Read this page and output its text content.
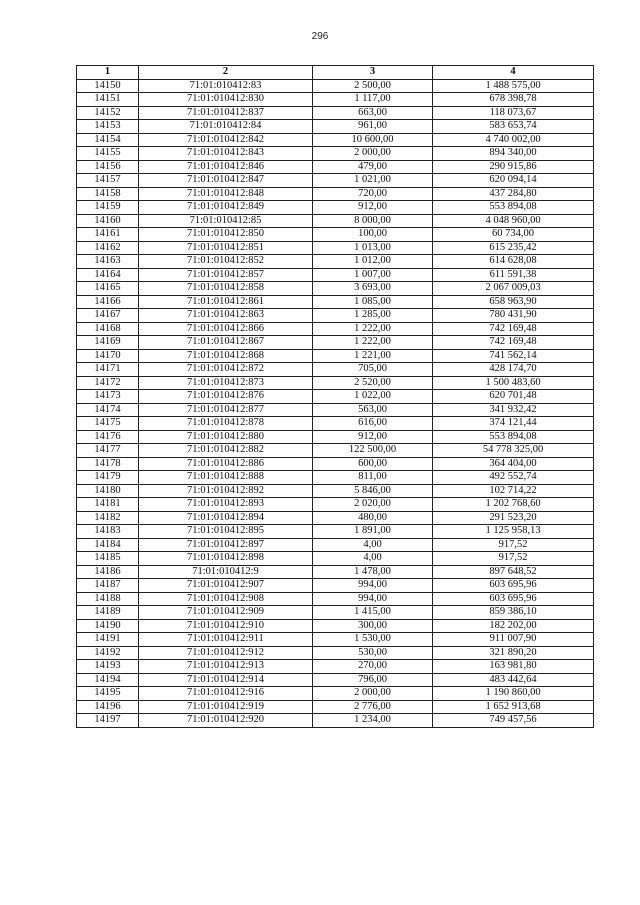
296
1	2	3	4
14150	71:01:010412:83	2 500,00	1 488 575,00
14151	71:01:010412:830	1 117,00	678 398,78
14152	71:01:010412:837	663,00	118 073,67
14153	71:01:010412:84	961,00	583 653,74
14154	71:01:010412:842	10 600,00	4 740 002,00
14155	71:01:010412:843	2 000,00	894 340,00
14156	71:01:010412:846	479,00	290 915,86
14157	71:01:010412:847	1 021,00	620 094,14
14158	71:01:010412:848	720,00	437 284,80
14159	71:01:010412:849	912,00	553 894,08
14160	71:01:010412:85	8 000,00	4 048 960,00
14161	71:01:010412:850	100,00	60 734,00
14162	71:01:010412:851	1 013,00	615 235,42
14163	71:01:010412:852	1 012,00	614 628,08
14164	71:01:010412:857	1 007,00	611 591,38
14165	71:01:010412:858	3 693,00	2 067 009,03
14166	71:01:010412:861	1 085,00	658 963,90
14167	71:01:010412:863	1 285,00	780 431,90
14168	71:01:010412:866	1 222,00	742 169,48
14169	71:01:010412:867	1 222,00	742 169,48
14170	71:01:010412:868	1 221,00	741 562,14
14171	71:01:010412:872	705,00	428 174,70
14172	71:01:010412:873	2 520,00	1 500 483,60
14173	71:01:010412:876	1 022,00	620 701,48
14174	71:01:010412:877	563,00	341 932,42
14175	71:01:010412:878	616,00	374 121,44
14176	71:01:010412:880	912,00	553 894,08
14177	71:01:010412:882	122 500,00	54 778 325,00
14178	71:01:010412:886	600,00	364 404,00
14179	71:01:010412:888	811,00	492 552,74
14180	71:01:010412:892	5 846,00	102 714,22
14181	71:01:010412:893	2 020,00	1 202 768,60
14182	71:01:010412:894	480,00	291 523,20
14183	71:01:010412:895	1 891,00	1 125 958,13
14184	71:01:010412:897	4,00	917,52
14185	71:01:010412:898	4,00	917,52
14186	71:01:010412:9	1 478,00	897 648,52
14187	71:01:010412:907	994,00	603 695,96
14188	71:01:010412:908	994,00	603 695,96
14189	71:01:010412:909	1 415,00	859 386,10
14190	71:01:010412:910	300,00	182 202,00
14191	71:01:010412:911	1 530,00	911 007,90
14192	71:01:010412:912	530,00	321 890,20
14193	71:01:010412:913	270,00	163 981,80
14194	71:01:010412:914	796,00	483 442,64
14195	71:01:010412:916	2 000,00	1 190 860,00
14196	71:01:010412:919	2 776,00	1 652 913,68
14197	71:01:010412:920	1 234,00	749 457,56
